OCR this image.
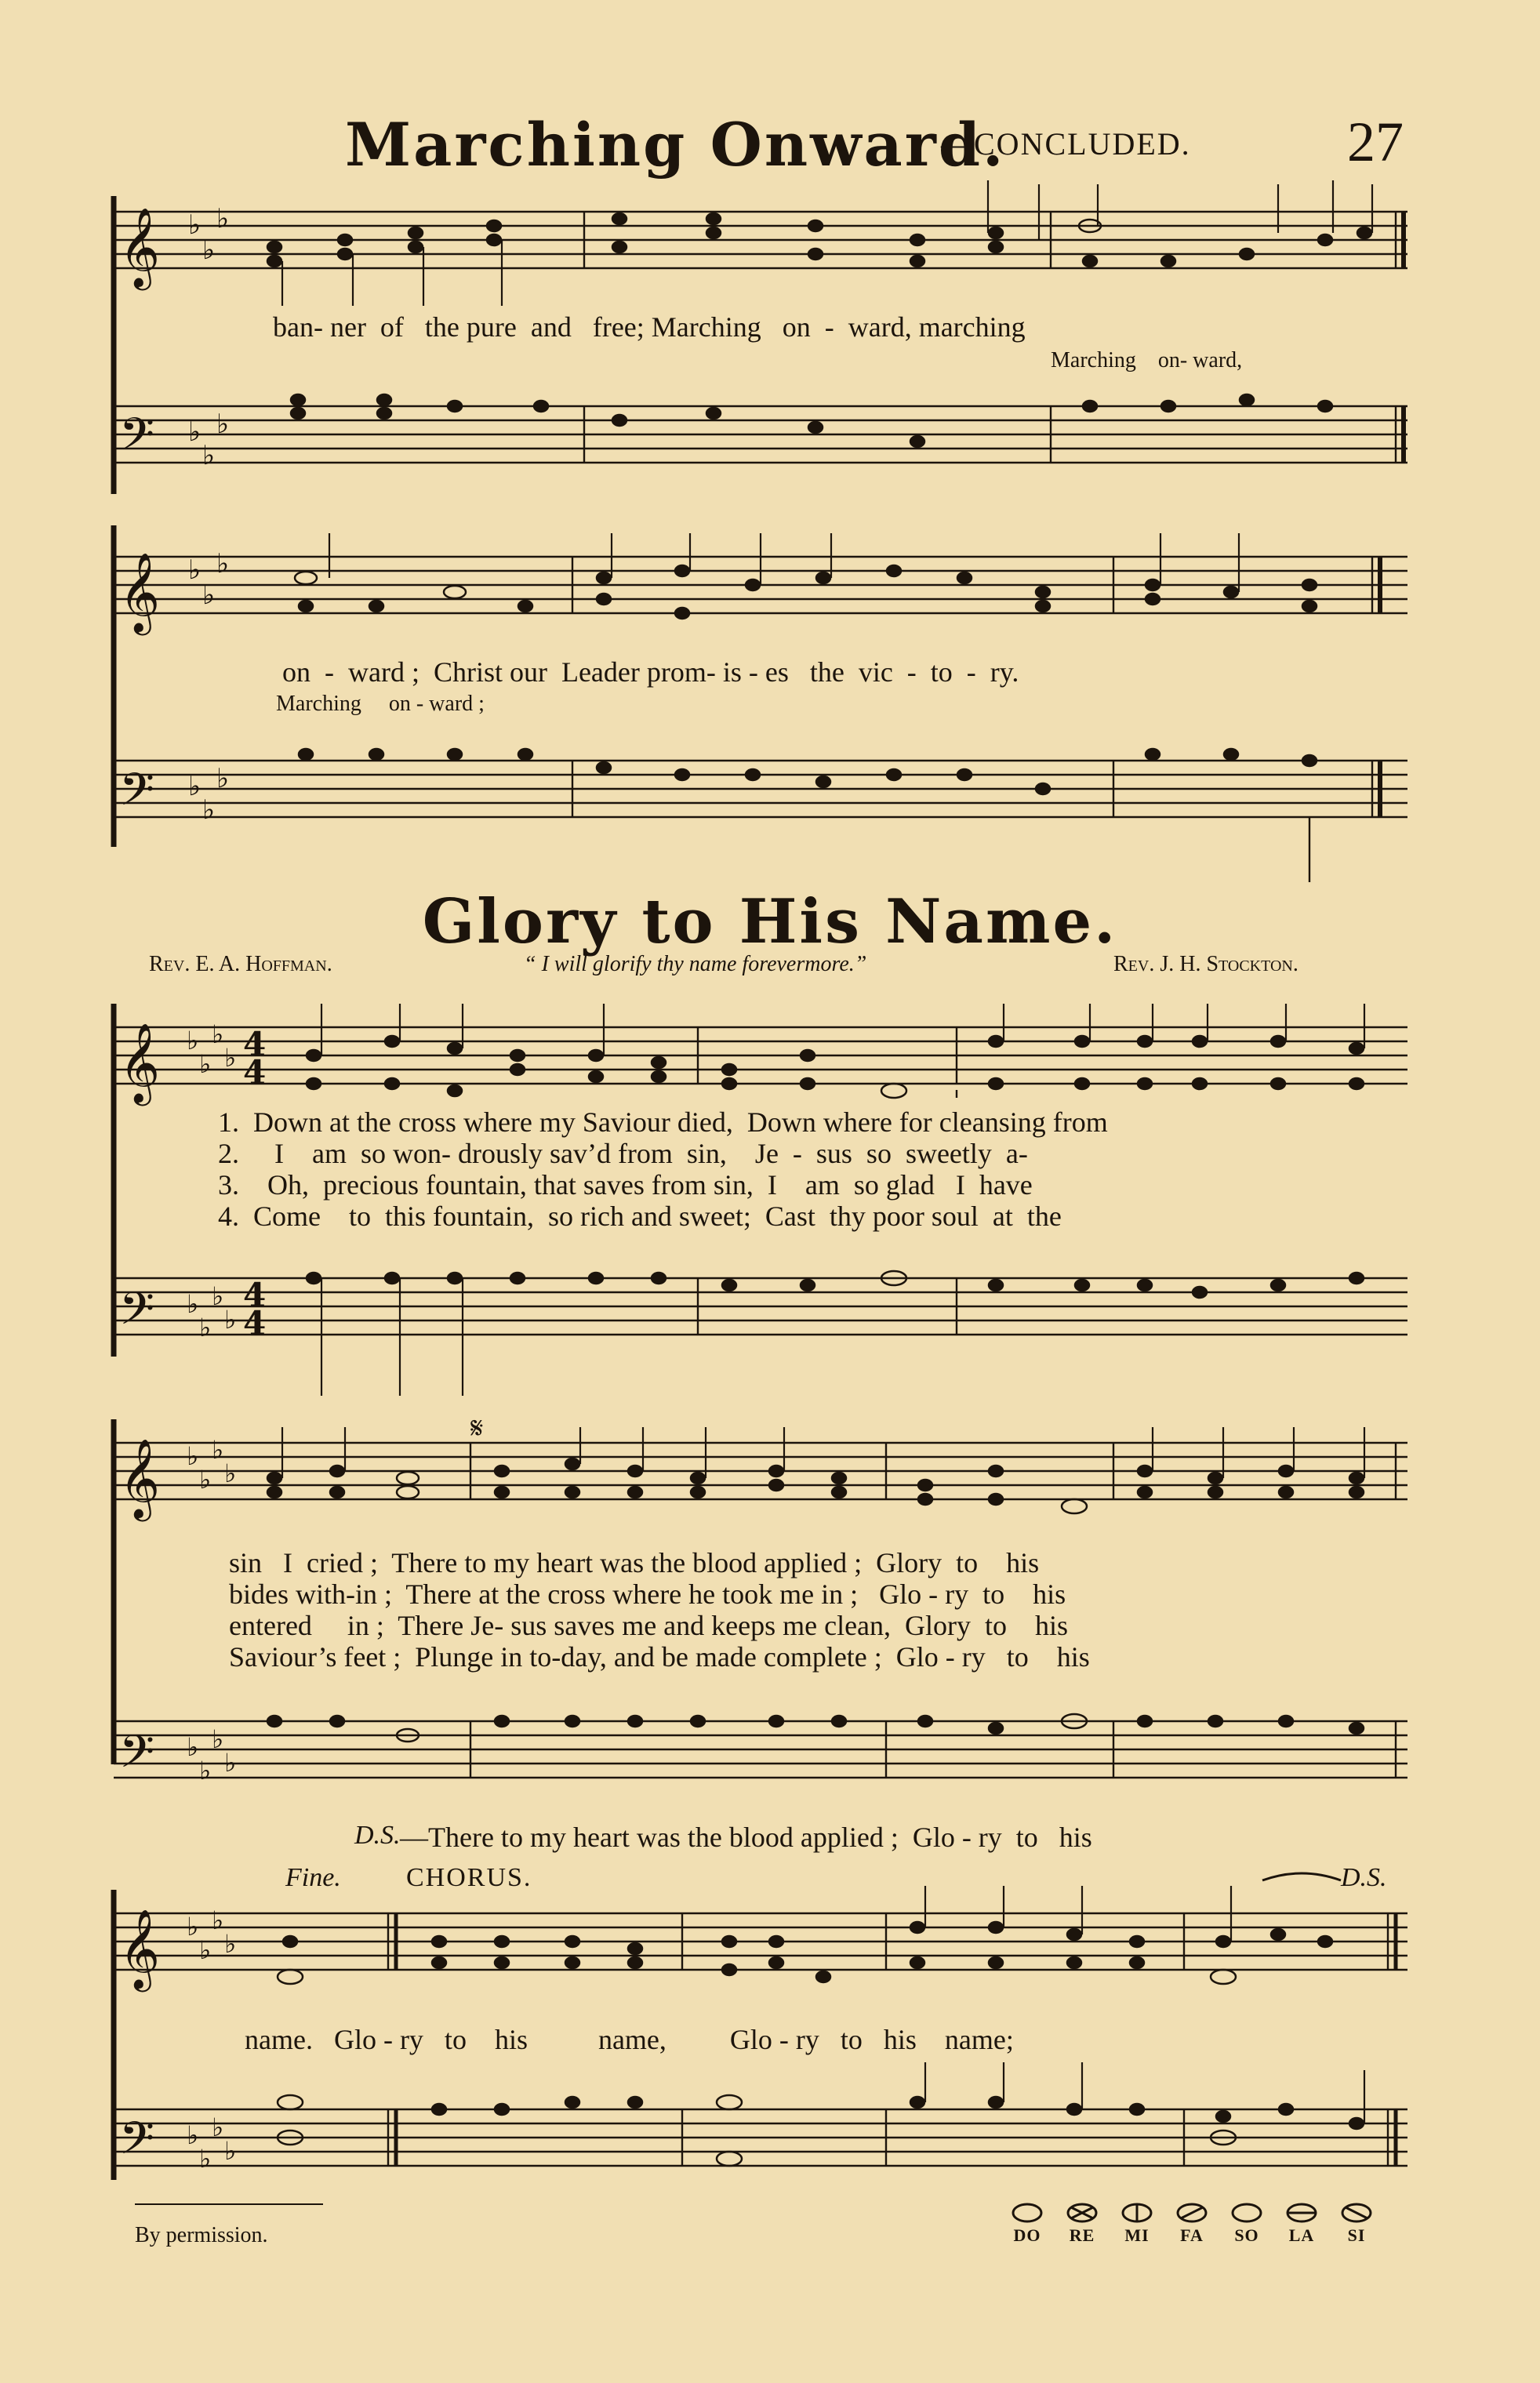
Marching Onward.
—CONCLUDED.	27
𝄞
𝄢
♭
♭
♭
♭
♭
♭
ban- ner  of   the pure  and   free; Marching   on  -  ward, marching
Marching    on- ward,
𝄞
𝄢
♭
♭
♭
♭
♭
♭
on  -  ward ;  Christ our  Leader prom- is - es   the  vic  -  to  -  ry.
Marching     on - ward ;
Glory to His Name.
Rev. E. A. Hoffman.	“ I will glorify thy name forevermore.”	Rev. J. H. Stockton.
𝄞
𝄢
♭
♭
♭
♭
♭
♭
♭
♭
4
4
4
4
1.  Down at the cross where my Saviour died,  Down where for cleansing from
2.     I    am  so won- drously sav’d from  sin,    Je  -  sus  so  sweetly  a-
3.    Oh,  precious fountain, that saves from sin,  I    am  so glad   I  have
4.  Come    to  this fountain,  so rich and sweet;  Cast  thy poor soul  at  the
𝄞
𝄢
♭
♭
♭
♭
♭
♭
♭
♭
𝄋
sin   I  cried ;  There to my heart was the blood applied ;  Glory  to    his
bides with-in ;  There at the cross where he took me in ;   Glo - ry  to    his
entered     in ;  There Je- sus saves me and keeps me clean,  Glory  to    his
Saviour’s feet ;  Plunge in to-day, and be made complete ;  Glo - ry   to    his
D.S. —There to my heart was the blood applied ;  Glo - ry  to   his
Fine. CHORUS.	D.S.
𝄞
𝄢
♭
♭
♭
♭
♭
♭
♭
♭
name.   Glo - ry   to    his          name,         Glo - ry   to   his    name;
By permission.	DO	RE	MI	FA	SO	LA	SI
